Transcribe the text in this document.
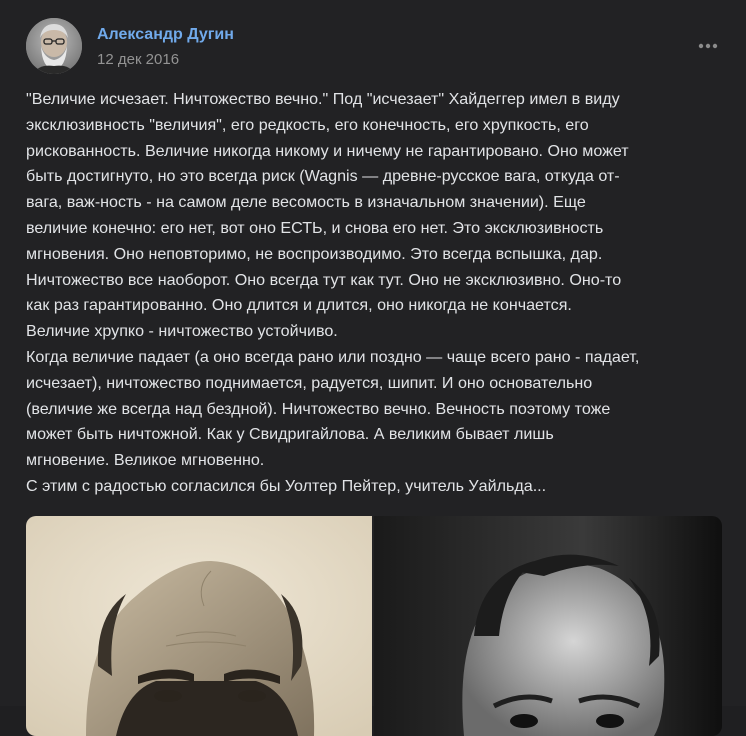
Александр Дугин
12 дек 2016
"Величие исчезает. Ничтожество вечно." Под "исчезает" Хайдеггер имел в виду
эксклюзивность "величия", его редкость, его конечность, его хрупкость, его
рискованность. Величие никогда никому и ничему не гарантировано. Оно может
быть достигнуто, но это всегда риск (Wagnis — древне-русское вага, откуда от-
вага, важ-ность - на самом деле весомость в изначальном значении). Еще
величие конечно: его нет, вот оно ЕСТЬ, и снова его нет. Это эксклюзивность
мгновения. Оно неповторимо, не воспроизводимо. Это всегда вспышка, дар.
Ничтожество все наоборот. Оно всегда тут как тут. Оно не эксклюзивно. Оно-то
как раз гарантированно. Оно длится и длится, оно никогда не кончается.
Величие хрупко - ничтожество устойчиво.
Когда величие падает (а оно всегда рано или поздно — чаще всего рано - падает,
исчезает), ничтожество поднимается, радуется, шипит. И оно основательно
(величие же всегда над бездной). Ничтожество вечно. Вечность поэтому тоже
может быть ничтожной. Как у Свидригайлова. А великим бывает лишь
мгновение. Великое мгновенно.
С этим с радостью согласился бы Уолтер Пейтер, учитель Уайльда...
